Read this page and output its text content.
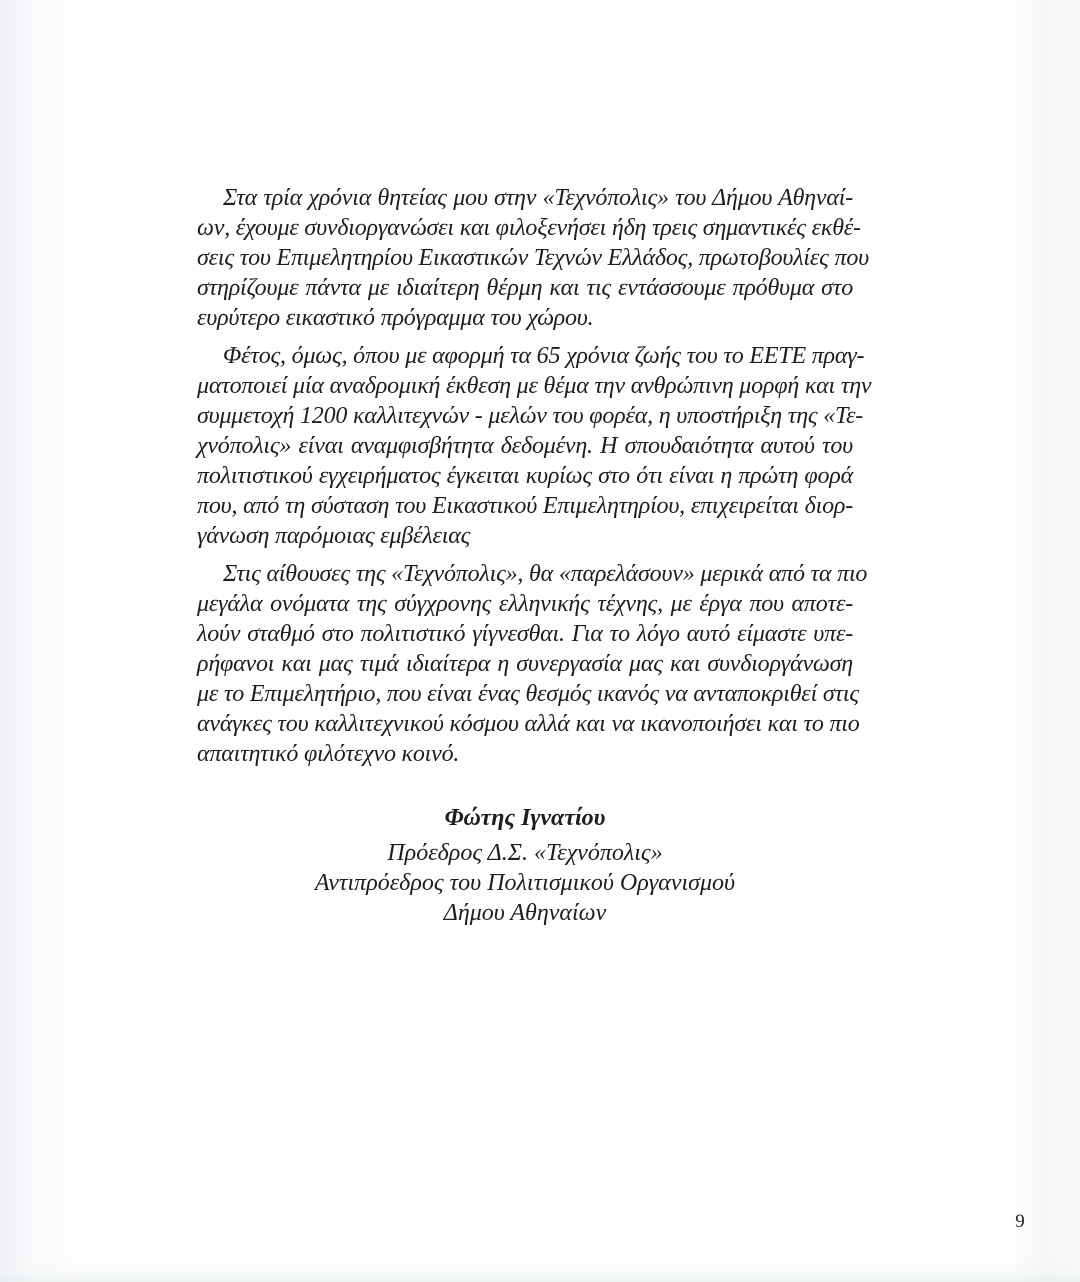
Στα τρία χρόνια θητείας μου στην «Τεχνόπολις» του Δήμου Αθηναί-
ων, έχουμε συνδιοργανώσει και φιλοξενήσει ήδη τρεις σημαντικές εκθέ-
σεις του Επιμελητηρίου Εικαστικών Τεχνών Ελλάδος, πρωτοβουλίες που
στηρίζουμε πάντα με ιδιαίτερη θέρμη και τις εντάσσουμε πρόθυμα στο
ευρύτερο εικαστικό πρόγραμμα του χώρου.
Φέτος, όμως, όπου με αφορμή τα 65 χρόνια ζωής του το ΕΕΤΕ πραγ-
ματοποιεί μία αναδρομική έκθεση με θέμα την ανθρώπινη μορφή και την
συμμετοχή 1200 καλλιτεχνών - μελών του φορέα, η υποστήριξη της «Τε-
χνόπολις» είναι αναμφισβήτητα δεδομένη. Η σπουδαιότητα αυτού του
πολιτιστικού εγχειρήματος έγκειται κυρίως στο ότι είναι η πρώτη φορά
που, από τη σύσταση του Εικαστικού Επιμελητηρίου, επιχειρείται διορ-
γάνωση παρόμοιας εμβέλειας
Στις αίθουσες της «Τεχνόπολις», θα «παρελάσουν» μερικά από τα πιο
μεγάλα ονόματα της σύγχρονης ελληνικής τέχνης, με έργα που αποτε-
λούν σταθμό στο πολιτιστικό γίγνεσθαι. Για το λόγο αυτό είμαστε υπε-
ρήφανοι και μας τιμά ιδιαίτερα η συνεργασία μας και συνδιοργάνωση
με το Επιμελητήριο, που είναι ένας θεσμός ικανός να ανταποκριθεί στις
ανάγκες του καλλιτεχνικού κόσμου αλλά και να ικανοποιήσει και το πιο
απαιτητικό φιλότεχνο κοινό.
Φώτης Ιγνατίου
Πρόεδρος Δ.Σ. «Τεχνόπολις»
Αντιπρόεδρος του Πολιτισμικού Οργανισμού
Δήμου Αθηναίων
9
